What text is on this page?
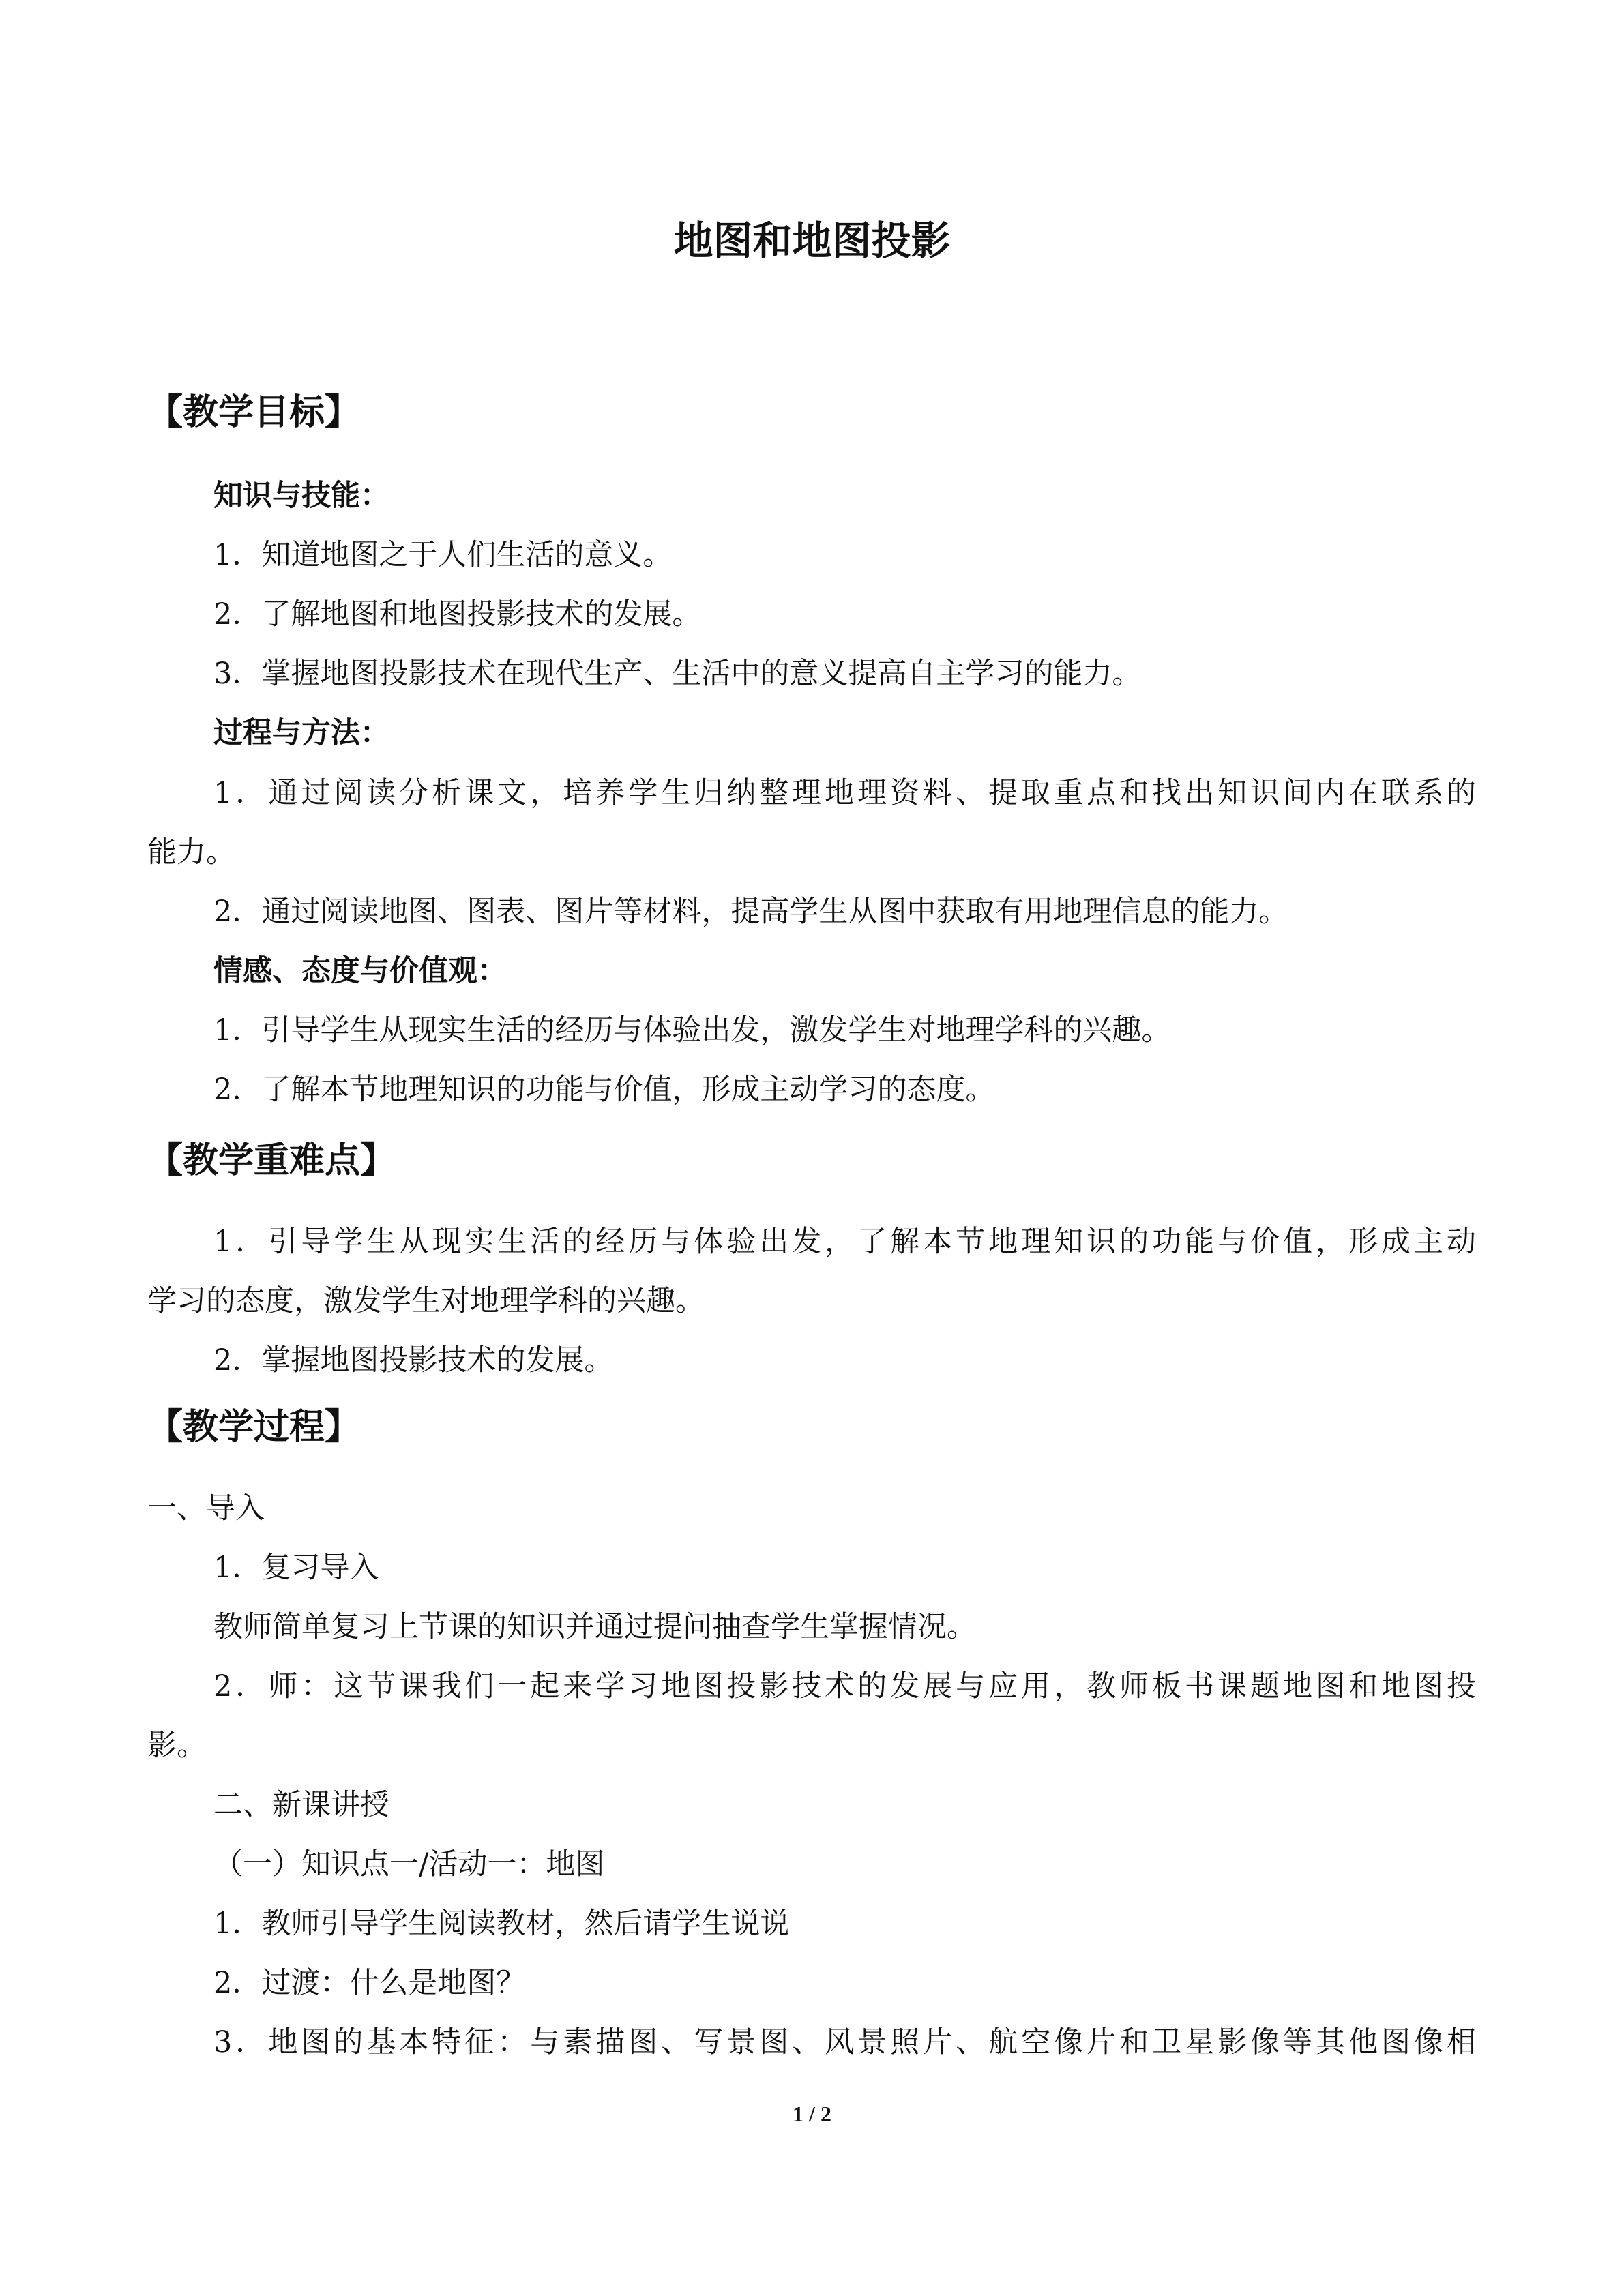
地图和地图投影
【教学目标】
知识与技能：
1．知道地图之于人们生活的意义。
2．了解地图和地图投影技术的发展。
3．掌握地图投影技术在现代生产、生活中的意义提高自主学习的能力。
过程与方法：
1．通过阅读分析课文，培养学生归纳整理地理资料、提取重点和找出知识间内在联系的
能力。
2．通过阅读地图、图表、图片等材料，提高学生从图中获取有用地理信息的能力。
情感、态度与价值观：
1．引导学生从现实生活的经历与体验出发，激发学生对地理学科的兴趣。
2．了解本节地理知识的功能与价值，形成主动学习的态度。
【教学重难点】
1．引导学生从现实生活的经历与体验出发，了解本节地理知识的功能与价值，形成主动
学习的态度，激发学生对地理学科的兴趣。
2．掌握地图投影技术的发展。
【教学过程】
一、导入
1．复习导入
教师简单复习上节课的知识并通过提问抽查学生掌握情况。
2．师：这节课我们一起来学习地图投影技术的发展与应用，教师板书课题地图和地图投
影。
二、新课讲授
（一）知识点一/活动一：地图
1．教师引导学生阅读教材，然后请学生说说
2．过渡：什么是地图？
3．地图的基本特征：与素描图、写景图、风景照片、航空像片和卫星影像等其他图像相
1 / 2
